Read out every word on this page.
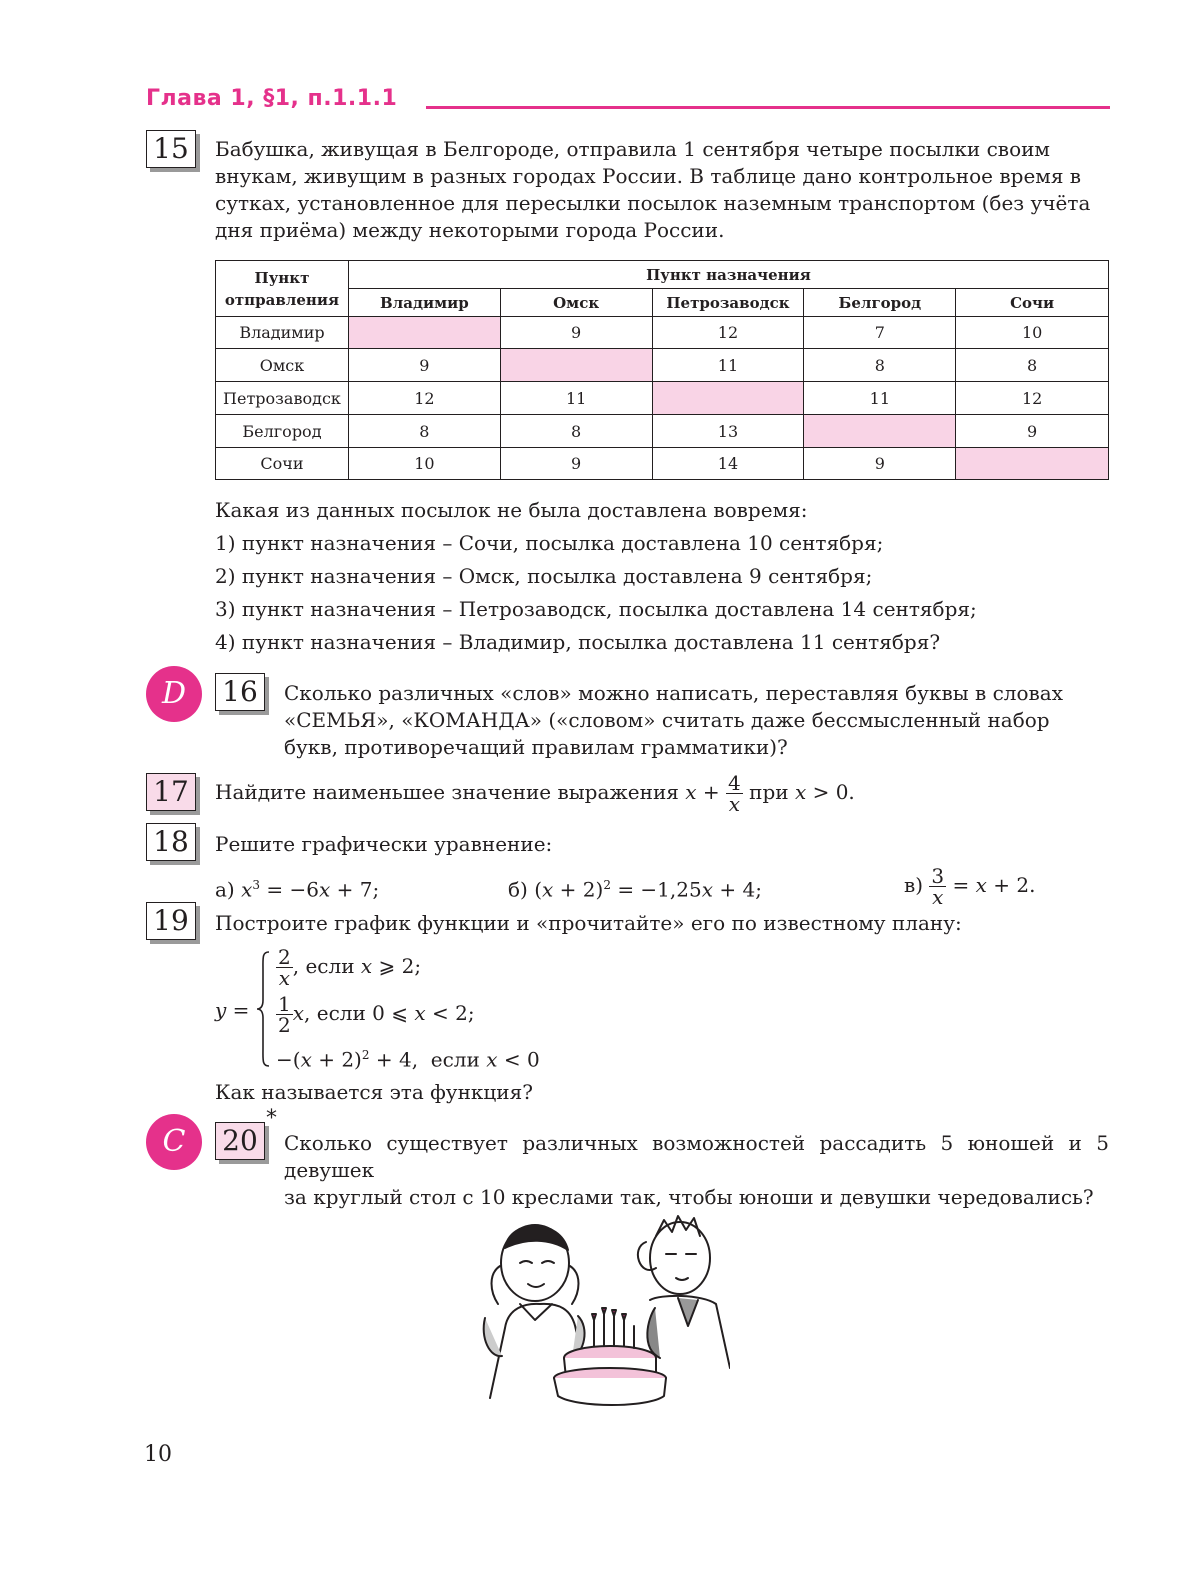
Глава 1, §1, п.1.1.1
15	Бабушка, живущая в Белгороде, отправила 1 сентября четыре посылки своим
внукам, живущим в разных городах России. В таблице дано контрольное время в
сутках, установленное для пересылки посылок наземным транспортом (без учёта
дня приёма) между некоторыми города России.
Пункт
отправления	Пункт назначения				
	Владимир	Омск	Петрозаводск	Белгород	Сочи
Владимир		9	12	7	10
Омск	9		11	8	8
Петрозаводск	12	11		11	12
Белгород	8	8	13		9
Сочи	10	9	14	9	
Какая из данных посылок не была доставлена вовремя:
1) пункт назначения – Сочи, посылка доставлена 10 сентября;
2) пункт назначения – Омск, посылка доставлена 9 сентября;
3) пункт назначения – Петрозаводск, посылка доставлена 14 сентября;
4) пункт назначения – Владимир, посылка доставлена 11 сентября?
D	16	Сколько различных «слов» можно написать, переставляя буквы в словах
«СЕМЬЯ», «КОМАНДА» («словом» считать даже бессмысленный набор
букв, противоречащий правилам грамматики)?
17	Найдите наименьшее значение выражения $x + \frac{4}{x}$ при x > 0.
18	Решите графически уравнение:
а) $x^3 = -6x + 7$;	б) $(x + 2)^2 = -1,25x + 4$;	$в) \frac{3}{x} = x + 2$.
19	Построите график функции и «прочитайте» его по известному плану:
y =
$\frac{2}{x}$ , если x ⩾ 2;
$\frac{1}{2} x$, если 0 ⩽ x < 2;
$-(x + 2)^2 + 4$,  если x < 0
Как называется эта функция?
C	20
*
Сколько существует различных возможностей рассадить 5 юношей и 5 девушек
за круглый стол с 10 креслами так, чтобы юноши и девушки чередовались?
10
